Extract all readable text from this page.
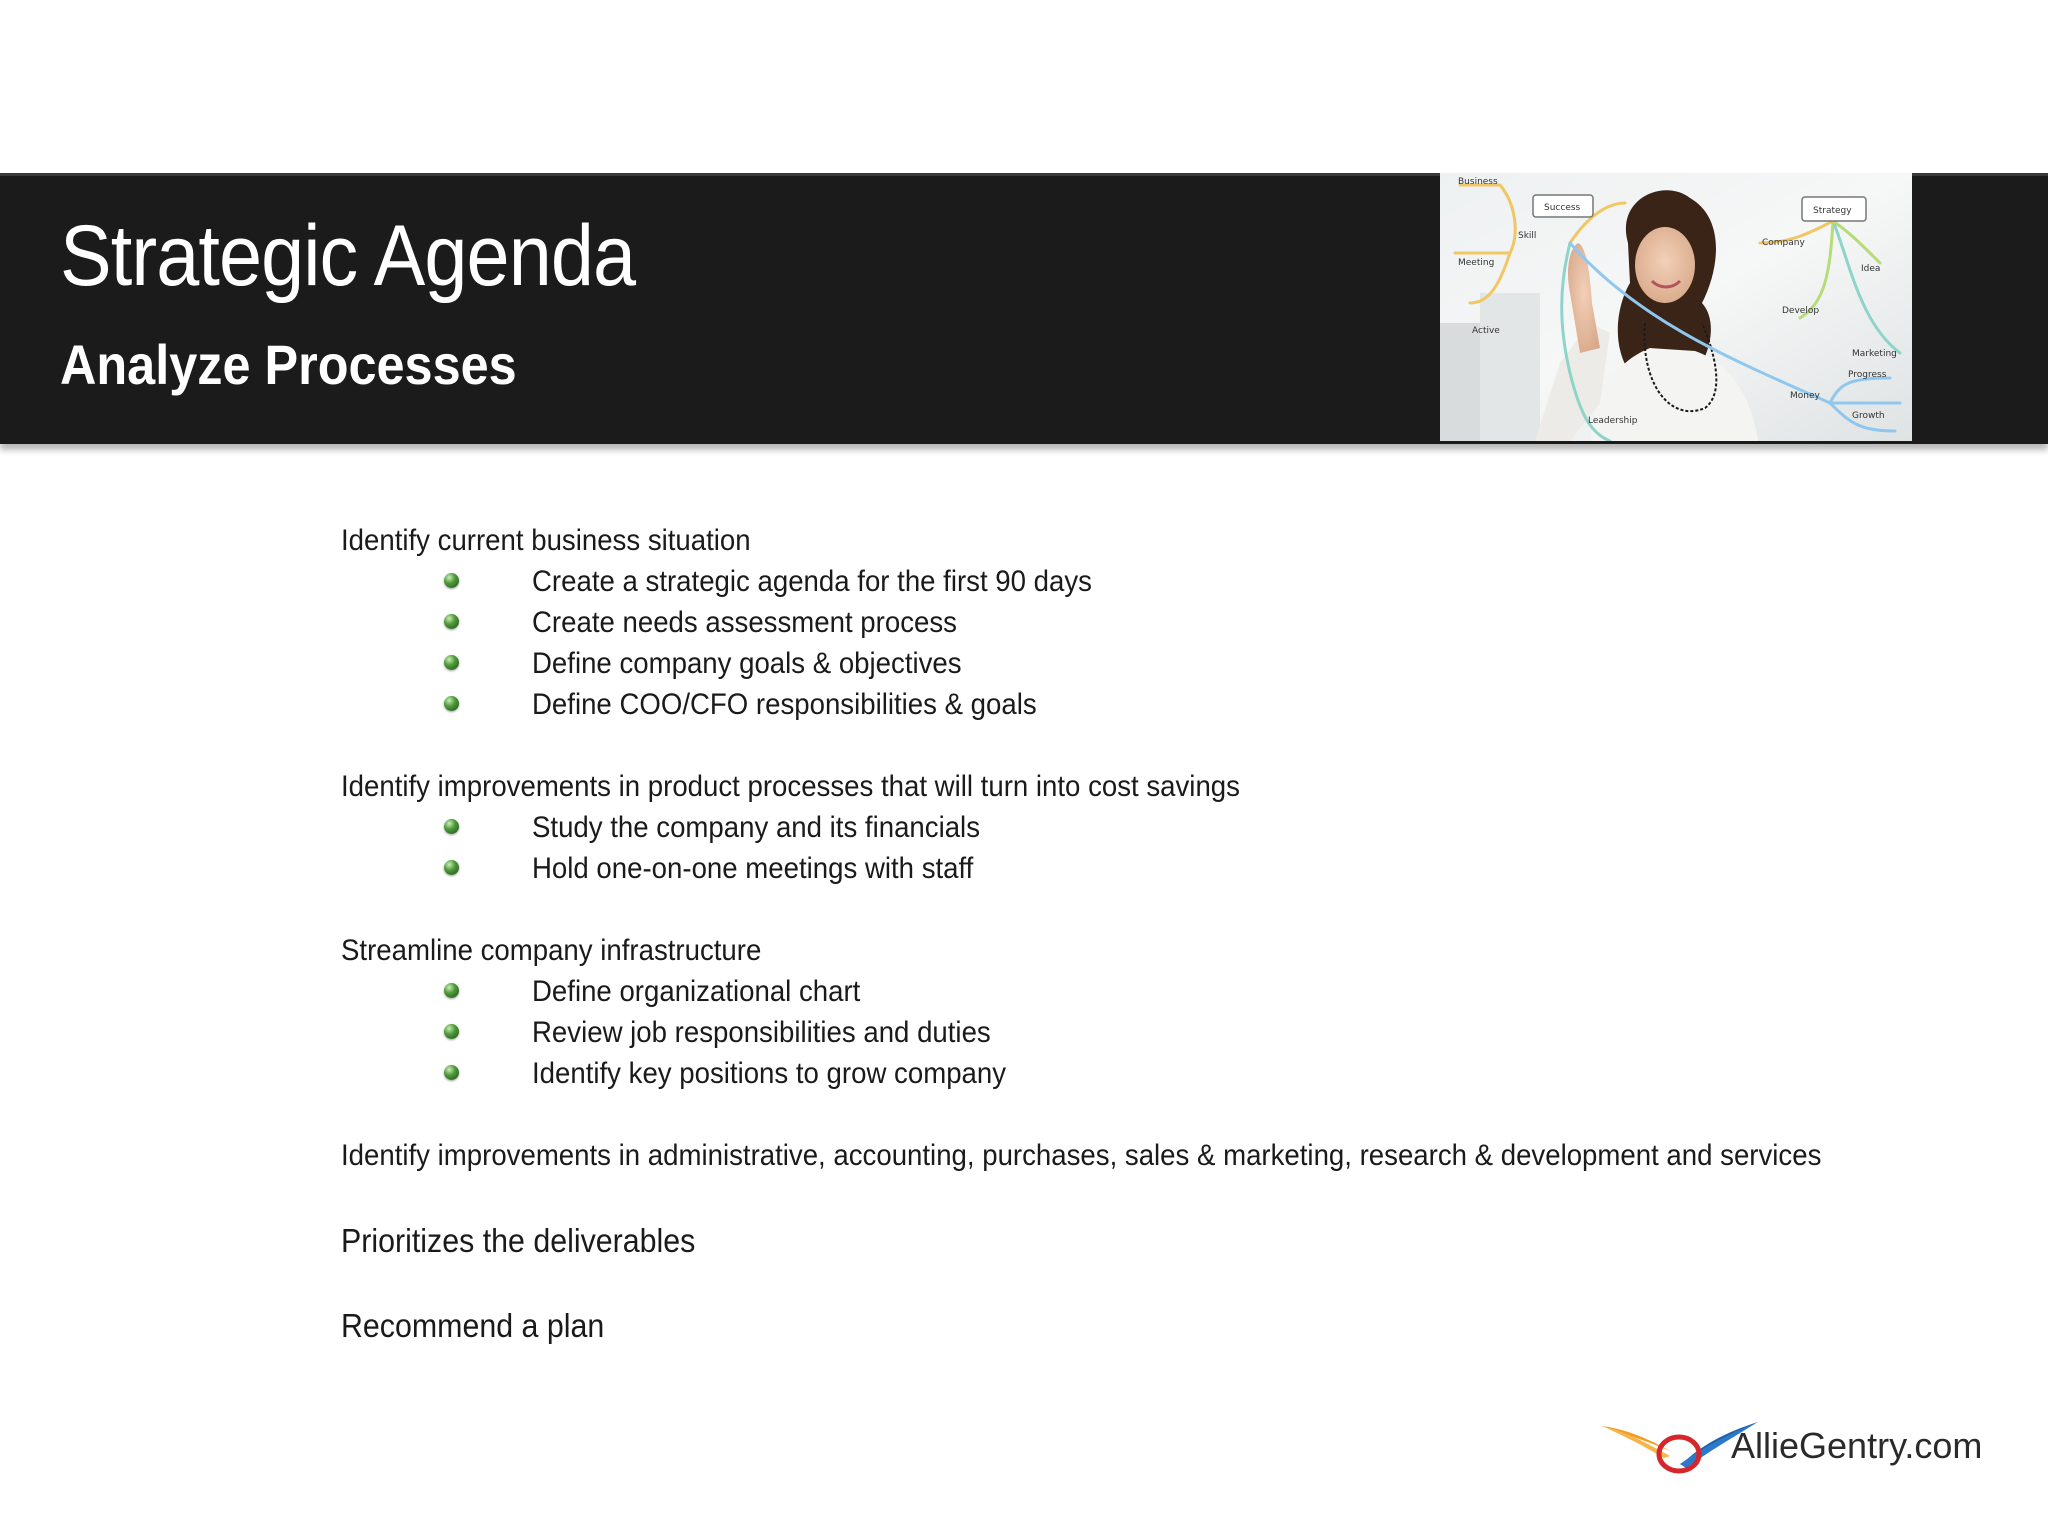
Strategic Agenda
Analyze Processes
Business
Success
Skill
Meeting
Active
Strategy
Company
Idea
Develop
Marketing
Progress
Money
Growth
Leadership
Identify current business situation
Create a strategic agenda for the first 90 days
Create needs assessment process
Define company goals & objectives
Define COO/CFO responsibilities & goals
Identify improvements in product processes that will turn into cost savings
Study the company and its financials
Hold one-on-one meetings with staff
Streamline company infrastructure
Define organizational chart
Review job responsibilities and duties
Identify key positions to grow company
Identify improvements in administrative, accounting, purchases, sales & marketing, research & development and services
Prioritizes the deliverables
Recommend a plan
AllieGentry.com
